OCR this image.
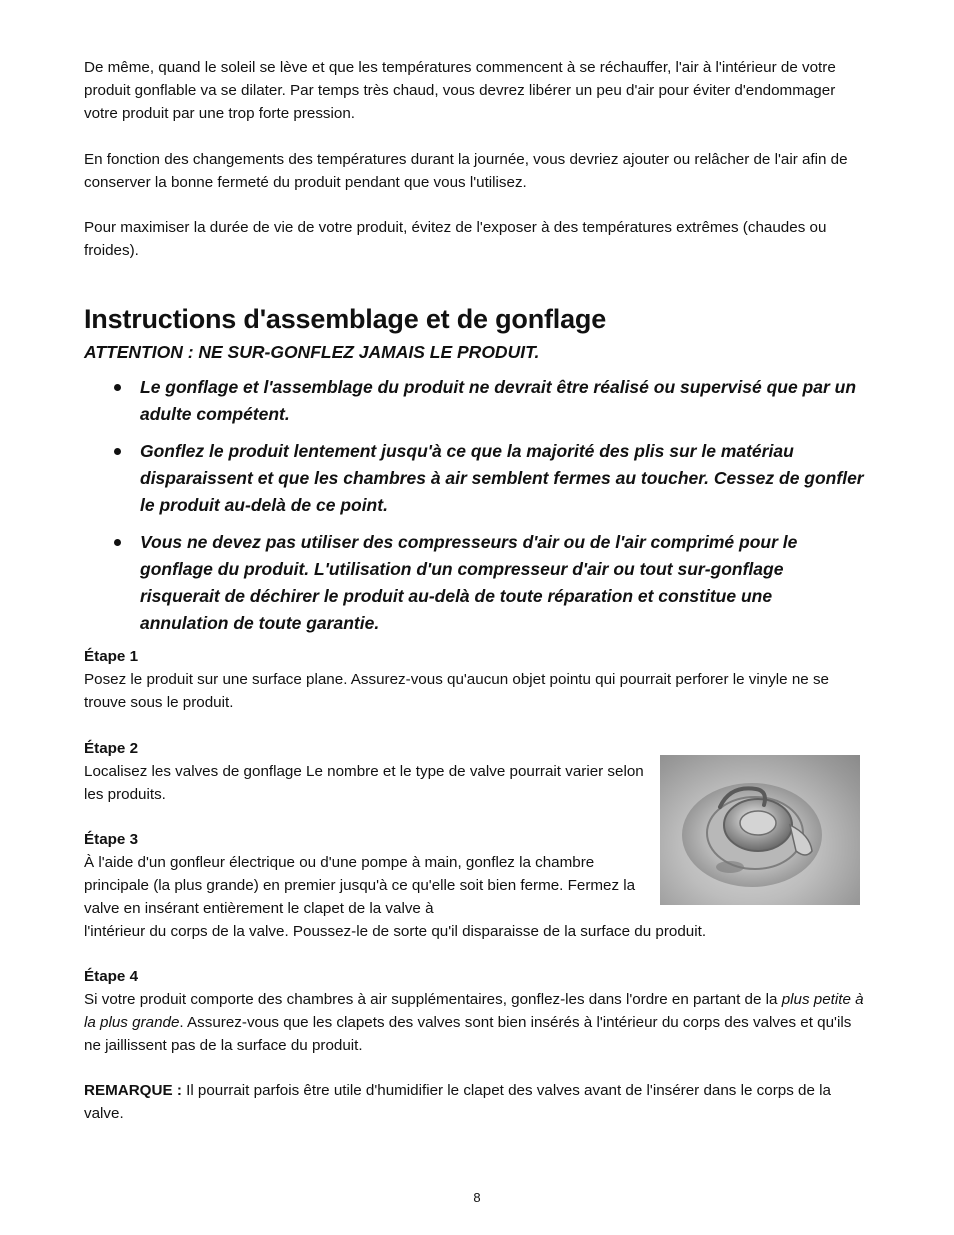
De même, quand le soleil se lève et que les températures commencent à se réchauffer, l'air à l'intérieur de votre produit gonflable va se dilater. Par temps très chaud, vous devrez libérer un peu d'air pour éviter d'endommager votre produit par une trop forte pression.

En fonction des changements des températures durant la journée, vous devriez ajouter ou relâcher de l'air afin de conserver la bonne fermeté du produit pendant que vous l'utilisez.

Pour maximiser la durée de vie de votre produit, évitez de l'exposer à des températures extrêmes (chaudes ou froides).

Instructions d'assemblage et de gonflage

ATTENTION : NE SUR-GONFLEZ JAMAIS LE PRODUIT.

Le gonflage et l'assemblage du produit ne devrait être réalisé ou supervisé que par un adulte compétent.
Gonflez le produit lentement jusqu'à ce que la majorité des plis sur le matériau disparaissent et que les chambres à air semblent fermes au toucher. Cessez de gonfler le produit au-delà de ce point.
Vous ne devez pas utiliser des compresseurs d'air ou de l'air comprimé pour le gonflage du produit. L'utilisation d'un compresseur d'air ou tout sur-gonflage risquerait de déchirer le produit au-delà de toute réparation et constitue une annulation de toute garantie.
Étape 1
Posez le produit sur une surface plane. Assurez-vous qu'aucun objet pointu qui pourrait perforer le vinyle ne se trouve sous le produit.
Étape 2
Localisez les valves de gonflage Le nombre et le type de valve pourrait varier selon les produits.
Étape 3
À l'aide d'un gonfleur électrique ou d'une pompe à main, gonflez la chambre principale (la plus grande) en premier jusqu'à ce qu'elle soit bien ferme. Fermez la valve en insérant entièrement le clapet de la valve à
l'intérieur du corps de la valve. Poussez-le de sorte qu'il disparaisse de la surface du produit.
Étape 4
Si votre produit comporte des chambres à air supplémentaires, gonflez-les dans l'ordre en partant de la plus petite à la plus grande. Assurez-vous que les clapets des valves sont bien insérés à l'intérieur du corps des valves et qu'ils ne jaillissent pas de la surface du produit.

REMARQUE : Il pourrait parfois être utile d'humidifier le clapet des valves avant de l'insérer dans le corps de la valve.

8
